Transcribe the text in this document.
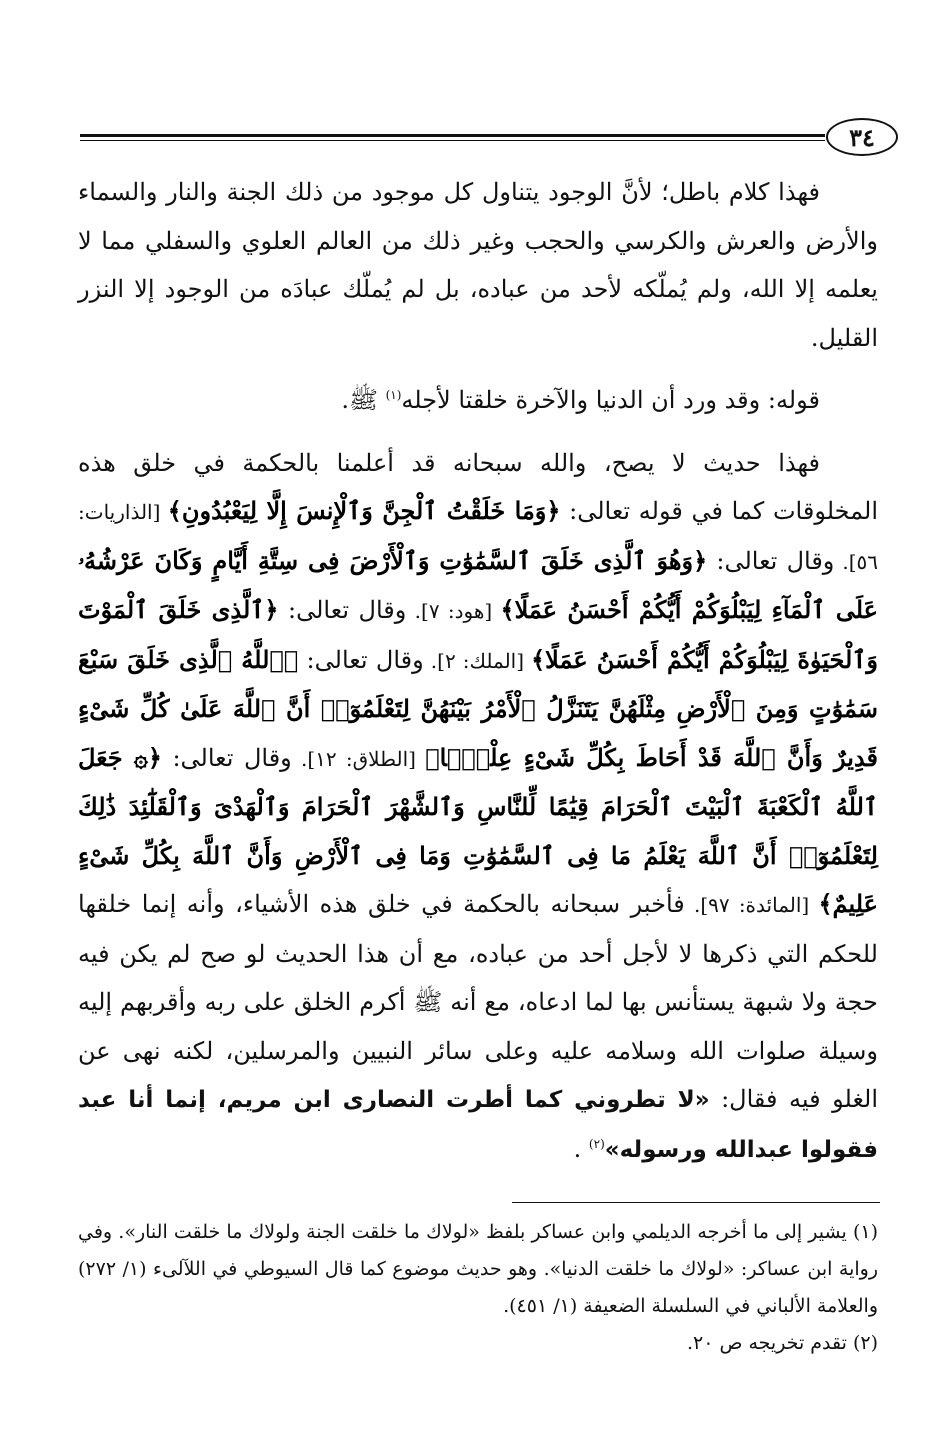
٣٤

فهذا كلام باطل؛ لأنَّ الوجود يتناول كل موجود من ذلك الجنة والنار والسماء والأرض والعرش والكرسي والحجب وغير ذلك من العالم العلوي والسفلي مما لا يعلمه إلا الله، ولم يُملّكه لأحد من عباده، بل لم يُملّك عبادَه من الوجود إلا النزر القليل.

قوله: وقد ورد أن الدنيا والآخرة خلقتا لأجله$^{(١)}$ ﷺ.

فهذا حديث لا يصح، والله سبحانه قد أعلمنا بالحكمة في خلق هذه المخلوقات كما في قوله تعالى: ﴿وَمَا خَلَقْتُ ٱلْجِنَّ وَٱلْإِنسَ إِلَّا لِيَعْبُدُونِ﴾ [الذاريات: ٥٦]. وقال تعالى: ﴿وَهُوَ ٱلَّذِى خَلَقَ ٱلسَّمَٰوَٰتِ وَٱلْأَرْضَ فِى سِتَّةِ أَيَّامٍ وَكَانَ عَرْشُهُۥ عَلَى ٱلْمَآءِ لِيَبْلُوَكُمْ أَيُّكُمْ أَحْسَنُ عَمَلًا﴾ [هود: ٧]. وقال تعالى: ﴿ٱلَّذِى خَلَقَ ٱلْمَوْتَ وَٱلْحَيَوٰةَ لِيَبْلُوَكُمْ أَيُّكُمْ أَحْسَنُ عَمَلًا﴾ [الملك: ٢]. وقال تعالى: ﴿ٱللَّهُ ٱلَّذِى خَلَقَ سَبْعَ سَمَٰوَٰتٍ وَمِنَ ٱلْأَرْضِ مِثْلَهُنَّ يَتَنَزَّلُ ٱلْأَمْرُ بَيْنَهُنَّ لِتَعْلَمُوٓا۟ أَنَّ ٱللَّهَ عَلَىٰ كُلِّ شَىْءٍ قَدِيرٌ وَأَنَّ ٱللَّهَ قَدْ أَحَاطَ بِكُلِّ شَىْءٍ عِلْمًۢا﴾ [الطلاق: ١٢]. وقال تعالى: ﴿۞ جَعَلَ ٱللَّهُ ٱلْكَعْبَةَ ٱلْبَيْتَ ٱلْحَرَامَ قِيَٰمًا لِّلنَّاسِ وَٱلشَّهْرَ ٱلْحَرَامَ وَٱلْهَدْىَ وَٱلْقَلَٰٓئِدَ ذَٰلِكَ لِتَعْلَمُوٓا۟ أَنَّ ٱللَّهَ يَعْلَمُ مَا فِى ٱلسَّمَٰوَٰتِ وَمَا فِى ٱلْأَرْضِ وَأَنَّ ٱللَّهَ بِكُلِّ شَىْءٍ عَلِيمٌ﴾ [المائدة: ٩٧]. فأخبر سبحانه بالحكمة في خلق هذه الأشياء، وأنه إنما خلقها للحكم التي ذكرها لا لأجل أحد من عباده، مع أن هذا الحديث لو صح لم يكن فيه حجة ولا شبهة يستأنس بها لما ادعاه، مع أنه ﷺ أكرم الخلق على ربه وأقربهم إليه وسيلة صلوات الله وسلامه عليه وعلى سائر النبيين والمرسلين، لكنه نهى عن الغلو فيه فقال: «لا تطروني كما أطرت النصارى ابن مريم، إنما أنا عبد فقولوا عبدالله ورسوله»$^{(٢)}$ .

(١) يشير إلى ما أخرجه الديلمي وابن عساكر بلفظ «لولاك ما خلقت الجنة ولولاك ما خلقت النار». وفي رواية ابن عساكر: «لولاك ما خلقت الدنيا». وهو حديث موضوع كما قال السيوطي في اللآلىء (١/ ٢٧٢) والعلامة الألباني في السلسلة الضعيفة (١/ ٤٥١).

(٢) تقدم تخريجه ص ٢٠.
